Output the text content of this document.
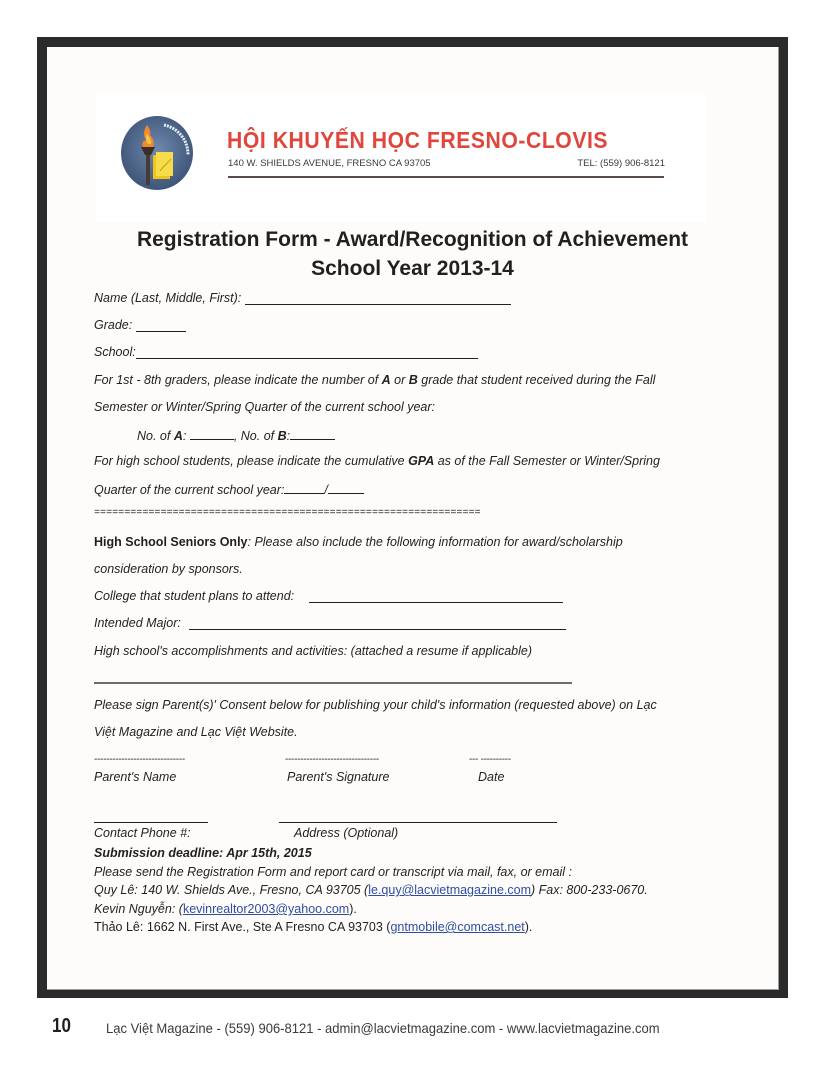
HỘI KHUYẾN HỌC FRESNO-CLOVIS
140 W. SHIELDS AVENUE, FRESNO CA 93705	TEL: (559) 906-8121
Registration Form - Award/Recognition of Achievement
School Year 2013-14
Name (Last, Middle, First):
Grade:
School:
For 1st - 8th graders, please indicate the number of A or B grade that student received during the Fall
Semester or Winter/Spring Quarter of the current school year:
No. of A:	, No. of B:
For high school students, please indicate the cumulative GPA as of the Fall Semester or Winter/Spring
Quarter of the current school year:	/
================================================================
High School Seniors Only: Please also include the following information for award/scholarship
consideration by sponsors.
College that student plans to attend:
Intended Major:
High school's accomplishments and activities: (attached a resume if applicable)
Please sign Parent(s)' Consent below for publishing your child's information (requested above) on Lạc
Việt Magazine and Lạc Việt Website.
------------------------------	-------------------------------	--- ----------
Parent's Name	Parent's Signature	Date
Contact Phone #:	Address (Optional)
Submission deadline: Apr 15th, 2015
Please send the Registration Form and report card or transcript via mail, fax, or email :
Quy Lê: 140 W. Shields Ave., Fresno, CA 93705 (le.quy@lacvietmagazine.com) Fax: 800-233-0670.
Kevin Nguyễn: (kevinrealtor2003@yahoo.com).
Thảo Lê: 1662 N. First Ave., Ste A Fresno CA 93703 (gntmobile@comcast.net).
10	Lạc Việt Magazine - (559) 906-8121 - admin@lacvietmagazine.com - www.lacvietmagazine.com
